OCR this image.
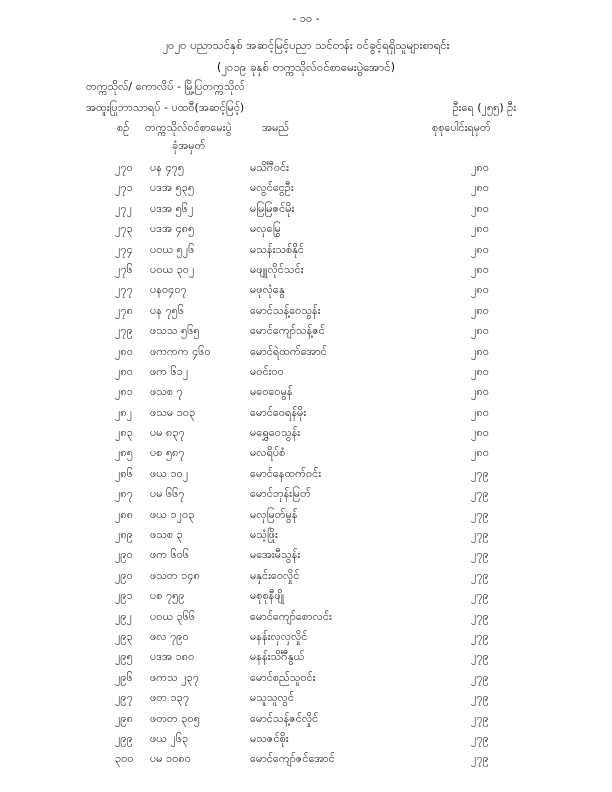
- ၁၀ -
၂၀၂၀ ပညာသင်နှစ် အဆင့်မြင့်ပညာ သင်တန်း ဝင်ခွင့်ရရှိသူများစာရင်း
(၂၀၁၉ ခုနှစ် တက္ကသိုလ်ဝင်စာမေးပွဲအောင်)
တက္ကသိုလ်/ ကောလိပ် - မြို့ပြတက္ကသိုလ်
အထူးပြုဘာသာရပ် - ပထဝီ(အဆင့်မြင့်)	ဦးရေ (၂၅၅) ဦး
စဉ် တက္ကသိုလ်ဝင်စာမေးပွဲ
ခုံအမှတ်
အမည်	စုစုပေါင်းရမှတ်
၂၇၀ ပန ၄၇၅	မသိင်္ဂီဝင်း	၂၈၀
၂၇၁ ပဒအ ၅၃၅	မလွင်ငွေဦး	၂၈၀
၂၇၂ ပဒအ ၅၆၂	မမြမြဇင်မိုး	၂၈၀
၂၇၃ ပဒအ ၄၈၅	မလှမြွေ	၂၈၀
၂၇၄ ပဝယ ၅၂၆	မသန်းသစ်နိုင်	၂၈၀
၂၇၆ ပဝယ ၃၀၂	မဖျူလိုင်သင်း	၂၈၀
၂၇၇ ပန၀၄၀၇	မဖုလုံနွေ	၂၈၀
၂၇၈ ပန ၇၅၆	မောင်သန့်ဝေသွန်း	၂၈၀
၂၇၉ ဖသသ ၅၆၅	မောင်ကျော်သန့်ဇင်	၂၈၀
၂၈၀ ဖကကက ၄၆၀	မောင်ရဲထက်အောင်	၂၈၀
၂၈၀ ဖက ၆၁၂	မဝင်း၀၀	၂၈၀
၂၈၁ ဖသစ ၇	မဝေဝေမွန်	၂၈၀
၂၈၂ ဖသမ ၁၀၃	မောင်ဝေရန်မိုး	၂၈၀
၂၈၃ ပမ ၈၃၇	မရွှေဝေသွန်း	၂၈၀
၂၈၅ ပစ ၅၈၇	မလရိပ်စံ	၂၈၀
၂၈၆ ဖယ ၁၀၂	မောင်နေထက်ဝင်း	၂၇၉
၂၈၇ ပမ ၆၆၇	မောင်ဘုန်းမြတ်	၂၇၉
၂၈၈ ဖယ ၁၂၀၃	မလှမြတ်မွန်	၂၇၉
၂၈၉ ဖသစ ၃	မသံ့ဖြိုး	၂၇၉
၂၉၀ ဖက ၆၀၆	မအေးမီသွန်း	၂၇၉
၂၉၀ ဖသတ ၁၄၈	မနှင်းဝေလှိုင်	၂၇၉
၂၉၁ ပစ ၇၅၉	မစုစုနီဖျို	၂၇၉
၂၉၂ ပဝယ ၃၆၆	မောင်ကျော်စောလင်း	၂၇၉
၂၉၃ ဖလ ၇၉၀	မနန်းလှလှလှိုင်	၂၇၉
၂၉၅ ပဒအ ၁၈၀	မနန်းသိင်္ဂီနွယ်	၂၇၉
၂၉၆ ဖကသ ၂၃၇	မောင်စည်သူဝင်း	၂၇၉
၂၉၇ ဖတ ၁၃၇	မသူသူလွင်	၂၇၉
၂၉၈ ဖတတ ၃၀၅	မောင်သန့်ဇင်လှိုင်	၂၇၉
၂၉၉ ဖယ ၂၆၃	မသဇင်စိုး	၂၇၉
၃၀၀ ပမ ၁၀၈၀	မောင်ကျော်ဇင်အောင်	၂၇၉
